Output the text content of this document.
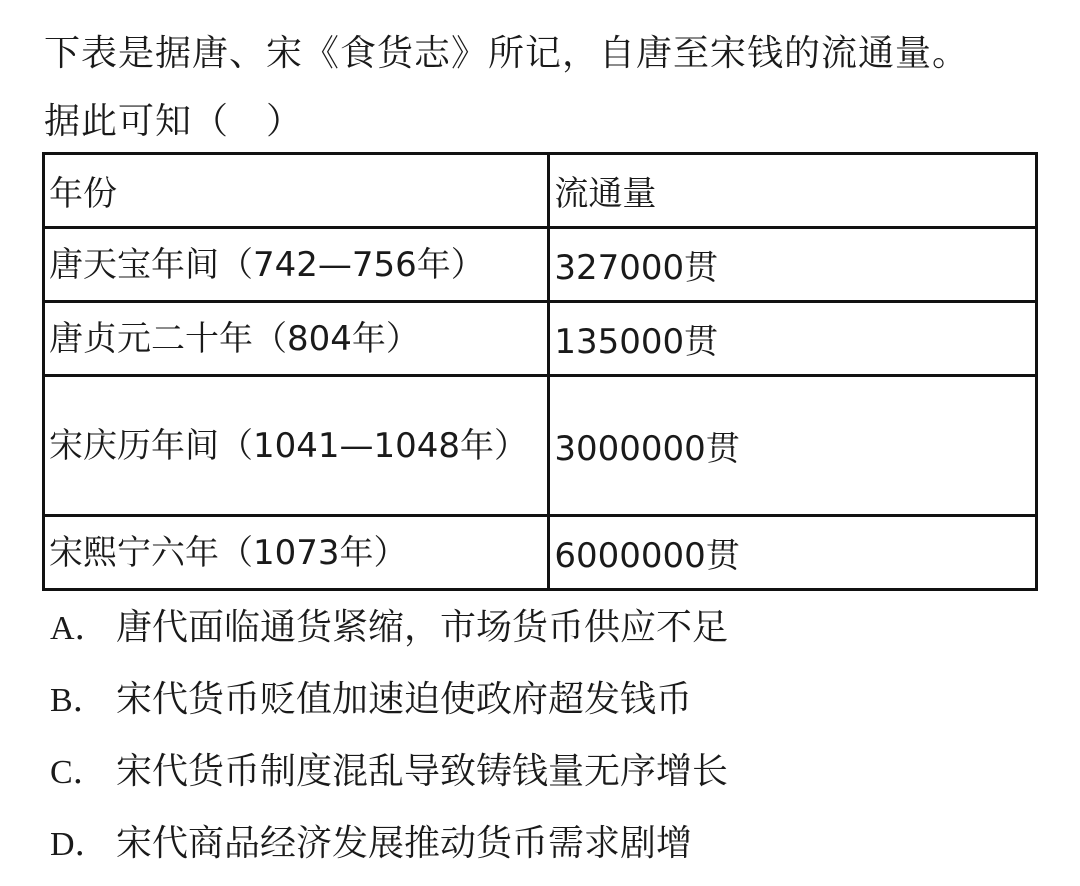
下表是据唐、宋《食货志》所记，自唐至宋钱的流通量。

据此可知（　）

年份	流通量
唐天宝年间（742—756年）	327000贯
唐贞元二十年（804年）	135000贯
宋庆历年间（1041—1048年）	3000000贯
宋熙宁六年（1073年）	6000000贯
A． 唐代面临通货紧缩，市场货币供应不足
B． 宋代货币贬值加速迫使政府超发钱币
C． 宋代货币制度混乱导致铸钱量无序增长
D． 宋代商品经济发展推动货币需求剧增
